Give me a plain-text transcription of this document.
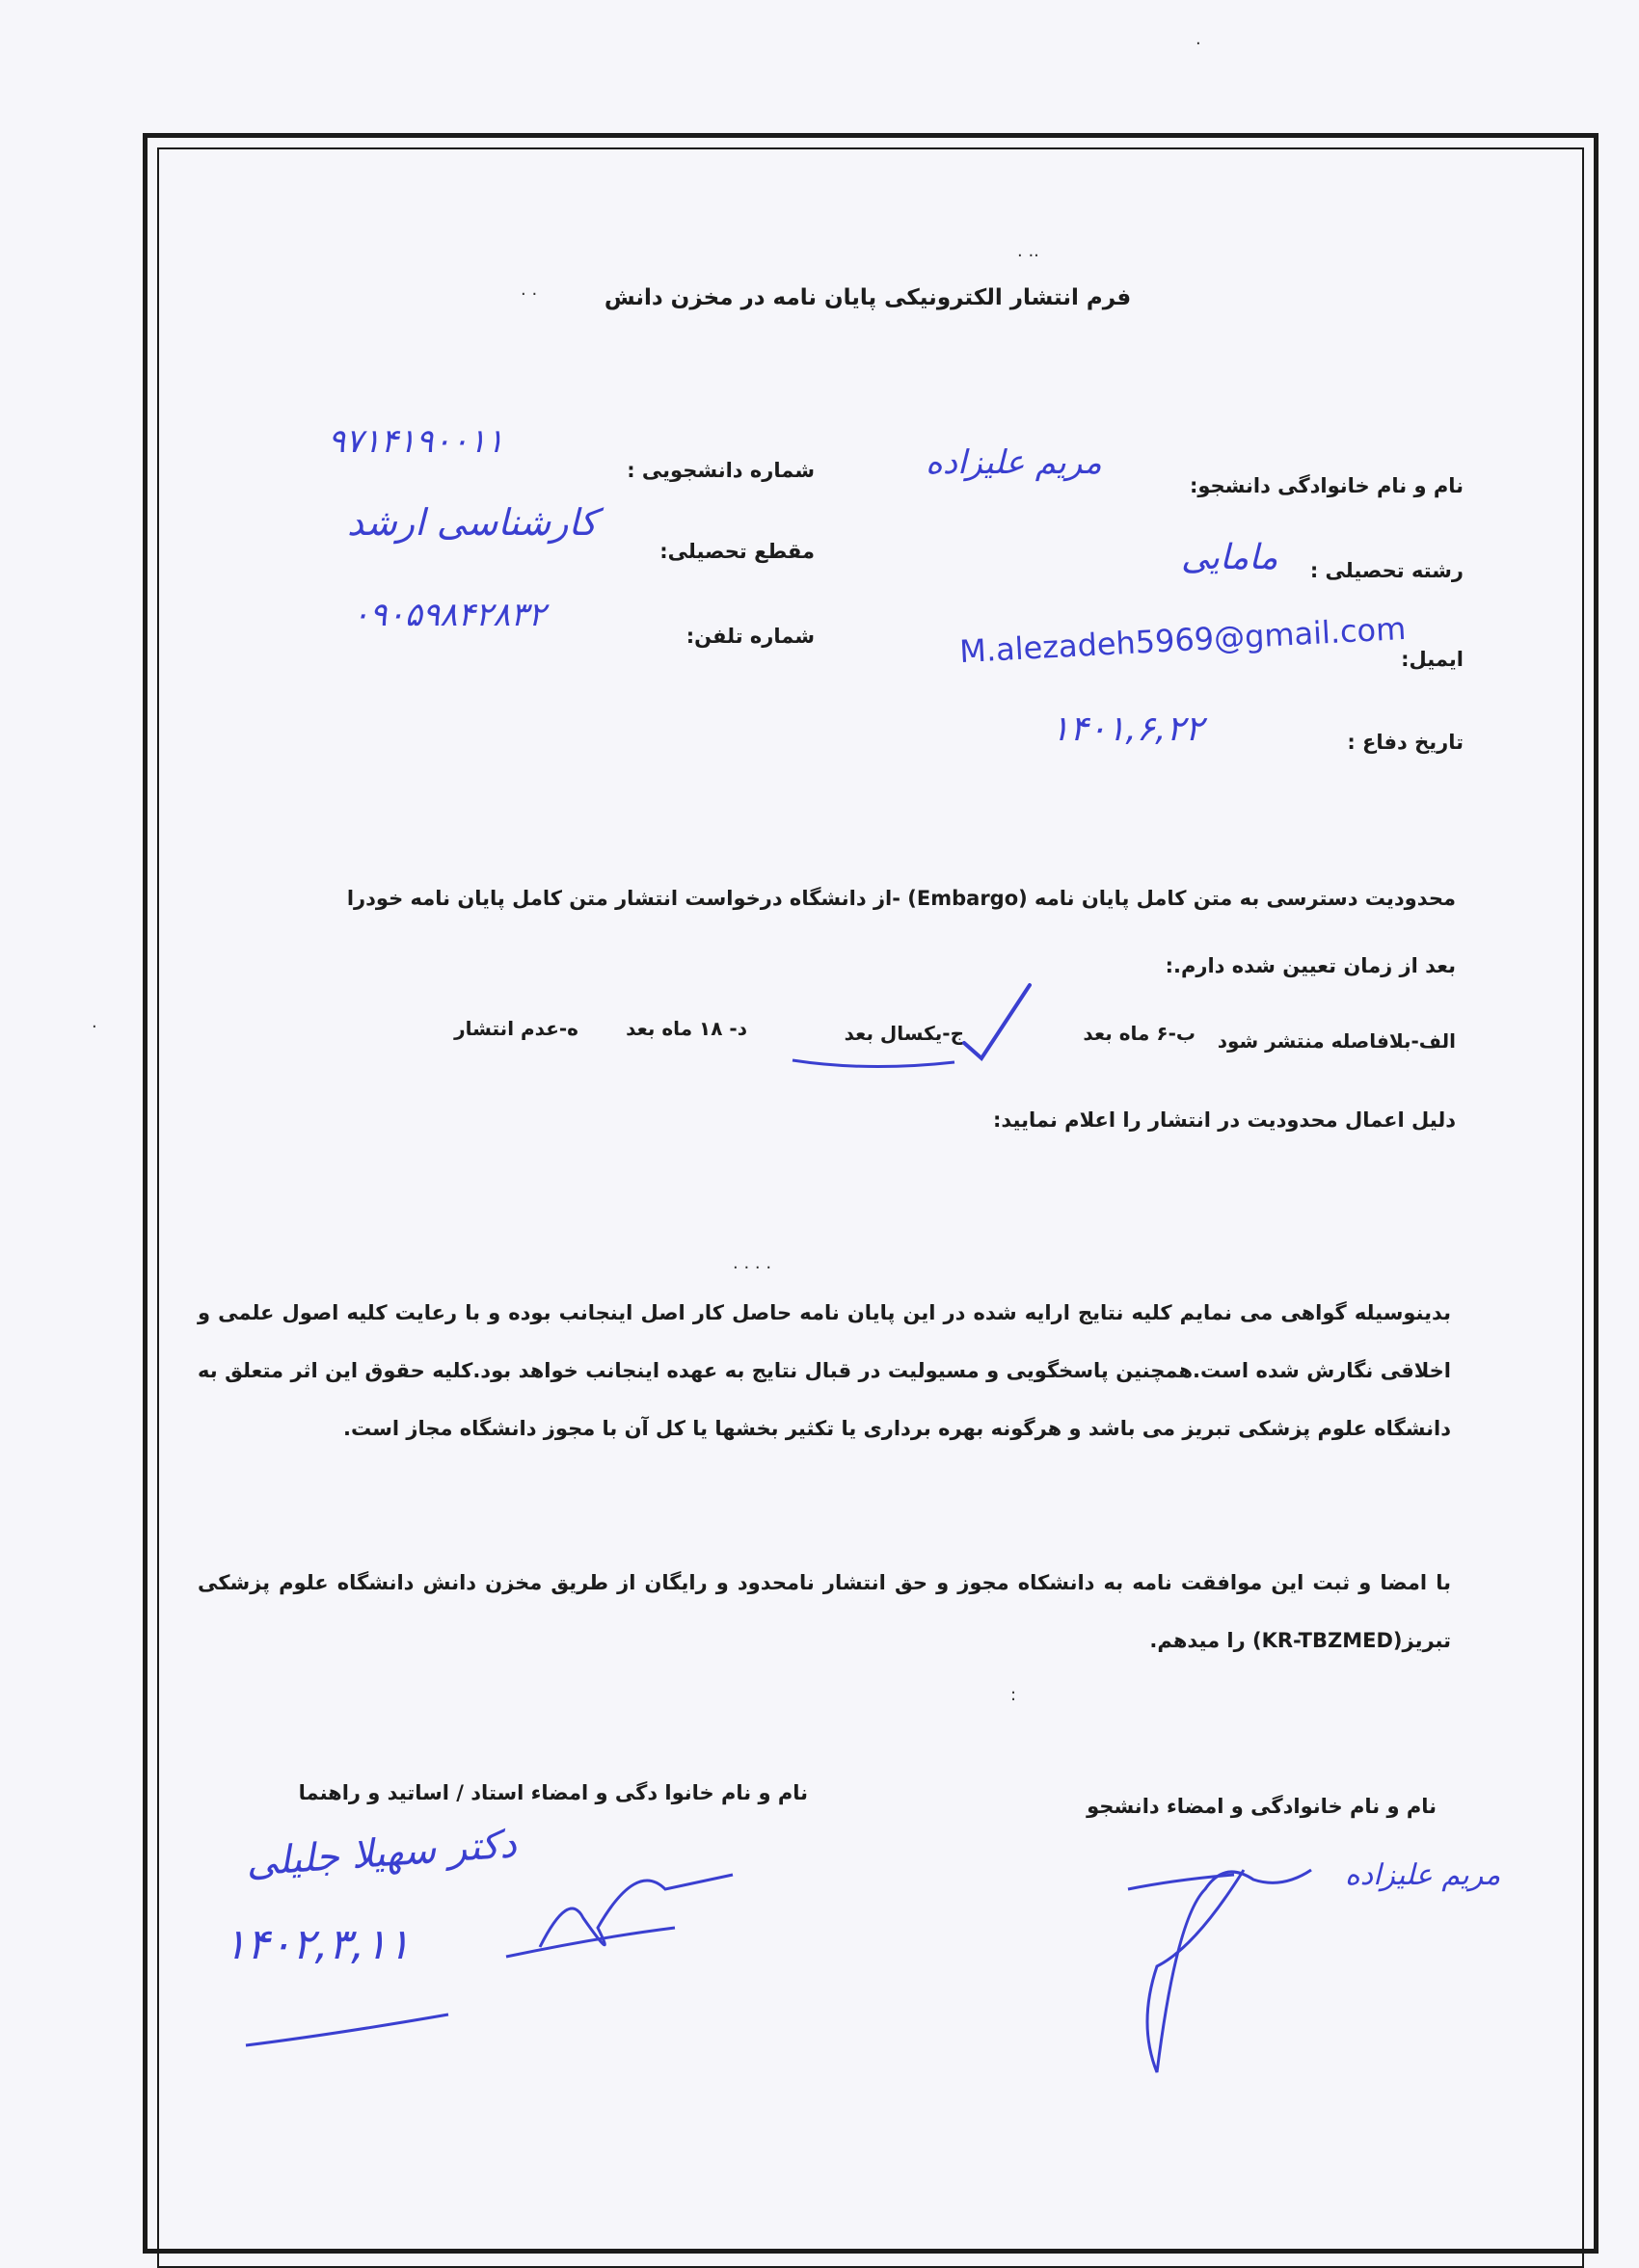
فرم انتشار الکترونیکی پایان نامه در مخزن دانش
نام و نام خانوادگی دانشجو:
مریم علیزاده
شماره دانشجویی :
۹۷۱۴۱۹۰۰۱۱
رشته تحصیلی :
مامایی
مقطع تحصیلی:
کارشناسی ارشد
ایمیل:
M.alezadeh5969@gmail.com
شماره تلفن:
۰۹۰۵۹۸۴۲۸۳۲
تاریخ دفاع :
۱۴۰۱,۶,۲۲
محدودیت دسترسی به متن کامل پایان نامه (Embargo) -از دانشگاه درخواست انتشار متن کامل پایان نامه خودرا
بعد از زمان تعیین شده دارم.:
الف-بلافاصله منتشر شود
ب-۶ ماه بعد
ج-یکسال بعد
د- ۱۸ ماه بعد
ه-عدم انتشار
دلیل اعمال محدودیت در انتشار را اعلام نمایید:
بدینوسیله گواهی می نمایم کلیه نتایج ارایه شده در این پایان نامه حاصل کار اصل اینجانب بوده و با رعایت کلیه اصول علمی و اخلاقی نگارش شده است.همچنین پاسخگویی و مسیولیت در قبال نتایج به عهده اینجانب خواهد بود.کلیه حقوق این اثر متعلق به دانشگاه علوم پزشکی تبریز می باشد و هرگونه بهره برداری یا تکثیر بخشها یا کل آن با مجوز دانشگاه مجاز است.
با امضا و ثبت این موافقت نامه به دانشکاه مجوز و حق انتشار نامحدود و رایگان از طریق مخزن دانش دانشگاه علوم پزشکی تبریز(KR-TBZMED) را میدهم.
نام و نام خانوا دگی و امضاء استاد / اساتید و راهنما
نام و نام خانوادگی و امضاء دانشجو
دکتر سهیلا جلیلی
۱۴۰۲,۳,۱۱
مریم علیزاده
.
. ..
. .
. . . .
:
.
